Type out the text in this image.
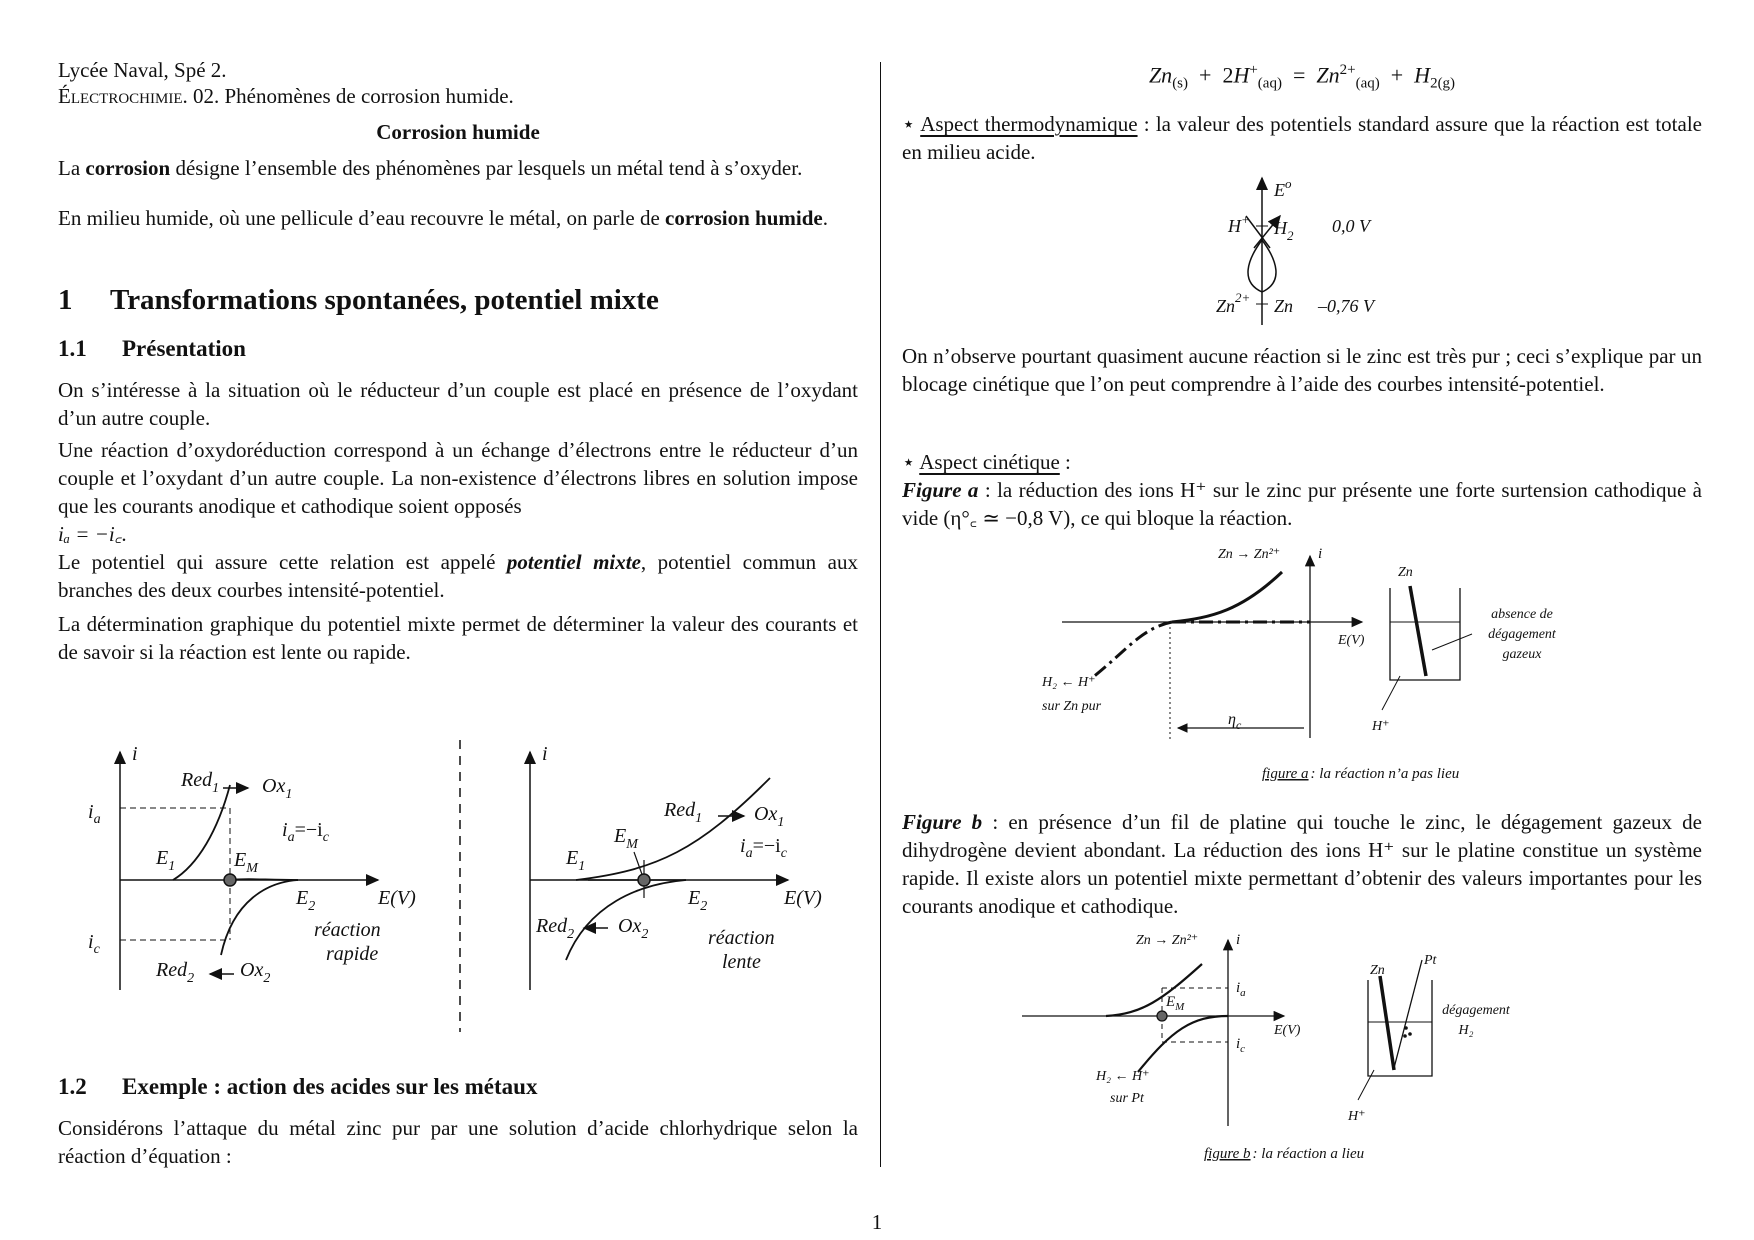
Lycée Naval, Spé 2.
Électrochimie. 02. Phénomènes de corrosion humide.
Corrosion humide

La corrosion désigne l’ensemble des phénomènes par lesquels un métal tend à s’oxyder.

En milieu humide, où une pellicule d’eau recouvre le métal, on parle de corrosion humide.

1 Transformations spontanées, potentiel mixte
1.1 Présentation

On s’intéresse à la situation où le réducteur d’un couple est placé en présence de l’oxydant d’un autre couple.

Une réaction d’oxydoréduction correspond à un échange d’électrons entre le réducteur d’un couple et l’oxydant d’un autre couple. La non-existence d’électrons libres en solution impose que les courants anodique et cathodique soient opposés
iₐ = −i꜀.

Le potentiel qui assure cette relation est appelé potentiel mixte, potentiel commun aux branches des deux courbes intensité-potentiel.

La détermination graphique du potentiel mixte permet de déterminer la valeur des courants et de savoir si la réaction est lente ou rapide.

i
Red$_1$ $Ox_1$
$i_a$	$i_a=-i_c$
$E_1$	$E_M$
$E_2$	E(V)
$i_c$
réaction
rapide
Red$_2$ $Ox_2$
i
Red$_1$	$Ox_1$
$E_M$	$i_a=-i_c$
$E_1$
$E_2$	E(V)
Red$_2$ $Ox_2$	réaction
lente
1.2 Exemple : action des acides sur les métaux

Considérons l’attaque du métal zinc pur par une solution d’acide chlorhydrique selon la réaction d’équation :

$Zn_{(s)} + 2H^+_{(aq)} = Zn^{2+}_{(aq)} + H_{2(g)}$

⋆ Aspect thermodynamique : la valeur des potentiels standard assure que la réaction est totale en milieu acide.

$E^o$
H+ $H_2$ 0,0 V
$Zn^{2+}$ Zn –0,76 V

On n’observe pourtant quasiment aucune réaction si le zinc est très pur ; ceci s’explique par un blocage cinétique que l’on peut comprendre à l’aide des courbes intensité-potentiel.

⋆ Aspect cinétique :

Figure a : la réduction des ions H⁺ sur le zinc pur présente une forte surtension cathodique à vide (η°꜀ ≃ −0,8 V), ce qui bloque la réaction.

Zn → Zn²⁺	i
$\eta_c$
E(V)
H₂ ← H⁺
sur Zn pur
Zn
absence de
dégagement
gazeux
H⁺
figure a : la réaction n’a pas lieu

Figure b : en présence d’un fil de platine qui touche le zinc, le dégagement gazeux de dihydrogène devient abondant. La réduction des ions H⁺ sur le platine constitue un système rapide. Il existe alors un potentiel mixte permettant d’obtenir des valeurs importantes pour les courants anodique et cathodique.

Zn → Zn²⁺	i
$i_a$
$E_M$
E(V)
$i_c$
H₂ ← H⁺
sur Pt
Zn
Pt
dégagement
H₂
H⁺
figure b : la réaction a lieu
1
